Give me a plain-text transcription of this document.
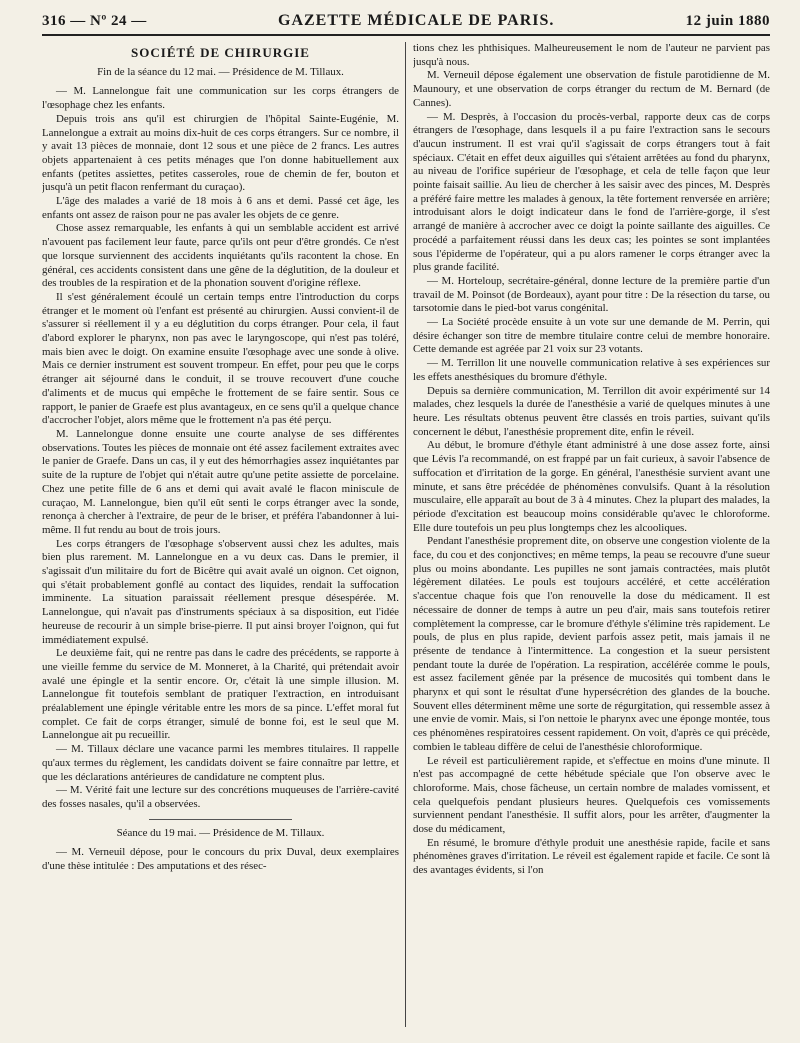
316 — Nº 24 —	GAZETTE MÉDICALE DE PARIS.	12 juin 1880
SOCIÉTÉ DE CHIRURGIE
Fin de la séance du 12 mai. — Présidence de M. Tillaux.

— M. Lannelongue fait une communication sur les corps étrangers de l'œsophage chez les enfants.

Depuis trois ans qu'il est chirurgien de l'hôpital Sainte-Eugénie, M. Lannelongue a extrait au moins dix-huit de ces corps étrangers. Sur ce nombre, il y avait 13 pièces de monnaie, dont 12 sous et une pièce de 2 francs. Les autres objets appartenaient à ces petits ménages que l'on donne habituellement aux enfants (petites assiettes, petites casseroles, roue de chemin de fer, bouton et jusqu'à un petit flacon renfermant du curaçao).

L'âge des malades a varié de 18 mois à 6 ans et demi. Passé cet âge, les enfants ont assez de raison pour ne pas avaler les objets de ce genre.

Chose assez remarquable, les enfants à qui un semblable accident est arrivé n'avouent pas facilement leur faute, parce qu'ils ont peur d'être grondés. Ce n'est que lorsque surviennent des accidents inquiétants qu'ils racontent la chose. En général, ces accidents consistent dans une gêne de la déglutition, de la douleur et des troubles de la respiration et de la phonation souvent d'origine réflexe.

Il s'est généralement écoulé un certain temps entre l'introduction du corps étranger et le moment où l'enfant est présenté au chirurgien. Aussi convient-il de s'assurer si réellement il y a eu déglutition du corps étranger. Pour cela, il faut d'abord explorer le pharynx, non pas avec le laryngoscope, qui n'est pas toléré, mais bien avec le doigt. On examine ensuite l'œsophage avec une sonde à olive. Mais ce dernier instrument est souvent trompeur. En effet, pour peu que le corps étranger ait séjourné dans le conduit, il se trouve recouvert d'une couche d'aliments et de mucus qui empêche le frottement de se faire sentir. Sous ce rapport, le panier de Graefe est plus avantageux, en ce sens qu'il a quelque chance d'accrocher l'objet, alors même que le frottement n'a pas été perçu.

M. Lannelongue donne ensuite une courte analyse de ses différentes observations. Toutes les pièces de monnaie ont été assez facilement extraites avec le panier de Graefe. Dans un cas, il y eut des hémorrhagies assez inquiétantes par suite de la rupture de l'objet qui n'était autre qu'une petite assiette de porcelaine. Chez une petite fille de 6 ans et demi qui avait avalé le flacon miniscule de curaçao, M. Lannelongue, bien qu'il eût senti le corps étranger avec la sonde, renonça à chercher à l'extraire, de peur de le briser, et préféra l'abandonner à lui-même. Il fut rendu au bout de trois jours.

Les corps étrangers de l'œsophage s'observent aussi chez les adultes, mais bien plus rarement. M. Lannelongue en a vu deux cas. Dans le premier, il s'agissait d'un militaire du fort de Bicêtre qui avait avalé un oignon. Cet oignon, qui s'était probablement gonflé au contact des liquides, rendait la suffocation imminente. La situation paraissait réellement presque désespérée. M. Lannelongue, qui n'avait pas d'instruments spéciaux à sa disposition, eut l'idée heureuse de recourir à un simple brise-pierre. Il put ainsi broyer l'oignon, qui fut immédiatement expulsé.

Le deuxième fait, qui ne rentre pas dans le cadre des précédents, se rapporte à une vieille femme du service de M. Monneret, à la Charité, qui prétendait avoir avalé une épingle et la sentir encore. Or, c'était là une simple illusion. M. Lannelongue fit toutefois semblant de pratiquer l'extraction, en introduisant préalablement une épingle véritable entre les mors de sa pince. L'effet moral fut complet. Ce fait de corps étranger, simulé de bonne foi, est le seul que M. Lannelongue ait pu recueillir.

— M. Tillaux déclare une vacance parmi les membres titulaires. Il rappelle qu'aux termes du règlement, les candidats doivent se faire connaître par lettre, et que les déclarations antérieures de candidature ne comptent plus.

— M. Vérité fait une lecture sur des concrétions muqueuses de l'arrière-cavité des fosses nasales, qu'il a observées.

Séance du 19 mai. — Présidence de M. Tillaux.

— M. Verneuil dépose, pour le concours du prix Duval, deux exemplaires d'une thèse intitulée : Des amputations et des résec-

tions chez les phthisiques. Malheureusement le nom de l'auteur ne parvient pas jusqu'à nous.

M. Verneuil dépose également une observation de fistule parotidienne de M. Maunoury, et une observation de corps étranger du rectum de M. Bernard (de Cannes).

— M. Desprès, à l'occasion du procès-verbal, rapporte deux cas de corps étrangers de l'œsophage, dans lesquels il a pu faire l'extraction sans le secours d'aucun instrument. Il est vrai qu'il s'agissait de corps étrangers tout à fait spéciaux. C'était en effet deux aiguilles qui s'étaient arrêtées au fond du pharynx, au niveau de l'orifice supérieur de l'œsophage, et cela de telle façon que leur pointe faisait saillie. Au lieu de chercher à les saisir avec des pinces, M. Desprès a préféré faire mettre les malades à genoux, la tête fortement renversée en arrière; introduisant alors le doigt indicateur dans le fond de l'arrière-gorge, il s'est arrangé de manière à accrocher avec ce doigt la pointe saillante des aiguilles. Ce procédé a parfaitement réussi dans les deux cas; les pointes se sont implantées sous l'épiderme de l'opérateur, qui a pu alors ramener le corps étranger avec la plus grande facilité.

— M. Horteloup, secrétaire-général, donne lecture de la première partie d'un travail de M. Poinsot (de Bordeaux), ayant pour titre : De la résection du tarse, ou tarsotomie dans le pied-bot varus congénital.

— La Société procède ensuite à un vote sur une demande de M. Perrin, qui désire échanger son titre de membre titulaire contre celui de membre honoraire. Cette demande est agréée par 21 voix sur 23 votants.

— M. Terrillon lit une nouvelle communication relative à ses expériences sur les effets anesthésiques du bromure d'éthyle.

Depuis sa dernière communication, M. Terrillon dit avoir expérimenté sur 14 malades, chez lesquels la durée de l'anesthésie a varié de quelques minutes à une heure. Les résultats obtenus peuvent être classés en trois parties, suivant qu'ils concernent le début, l'anesthésie proprement dite, enfin le réveil.

Au début, le bromure d'éthyle étant administré à une dose assez forte, ainsi que Lévis l'a recommandé, on est frappé par un fait curieux, à savoir l'absence de suffocation et d'irritation de la gorge. En général, l'anesthésie survient avant une minute, et sans être précédée de phénomènes convulsifs. Quant à la résolution musculaire, elle apparaît au bout de 3 à 4 minutes. Chez la plupart des malades, la période d'excitation est beaucoup moins considérable qu'avec le chloroforme. Elle dure toutefois un peu plus longtemps chez les alcooliques.

Pendant l'anesthésie proprement dite, on observe une congestion violente de la face, du cou et des conjonctives; en même temps, la peau se recouvre d'une sueur plus ou moins abondante. Les pupilles ne sont jamais contractées, mais plutôt légèrement dilatées. Le pouls est toujours accéléré, et cette accélération s'accentue chaque fois que l'on renouvelle la dose du médicament. Il est nécessaire de donner de temps à autre un peu d'air, mais sans toutefois retirer complètement la compresse, car le bromure d'éthyle s'élimine très rapidement. Le pouls, de plus en plus rapide, devient parfois assez petit, mais jamais il ne présente de tendance à l'intermittence. La congestion et la sueur persistent pendant toute la durée de l'opération. La respiration, accélérée comme le pouls, est assez facilement gênée par la présence de mucosités qui tombent dans le pharynx et qui sont le résultat d'une hypersécrétion des glandes de la bouche. Souvent elles déterminent même une sorte de régurgitation, qui ressemble assez à une envie de vomir. Mais, si l'on nettoie le pharynx avec une éponge montée, tous ces phénomènes respiratoires cessent rapidement. On voit, d'après ce qui précède, combien le tableau diffère de celui de l'anesthésie chloroformique.

Le réveil est particulièrement rapide, et s'effectue en moins d'une minute. Il n'est pas accompagné de cette hébétude spéciale que l'on observe avec le chloroforme. Mais, chose fâcheuse, un certain nombre de malades vomissent, et cela quelquefois pendant plusieurs heures. Quelquefois ces vomissements surviennent pendant l'anesthésie. Il suffit alors, pour les arrêter, d'augmenter la dose du médicament,

En résumé, le bromure d'éthyle produit une anesthésie rapide, facile et sans phénomènes graves d'irritation. Le réveil est également rapide et facile. Ce sont là des avantages évidents, si l'on
